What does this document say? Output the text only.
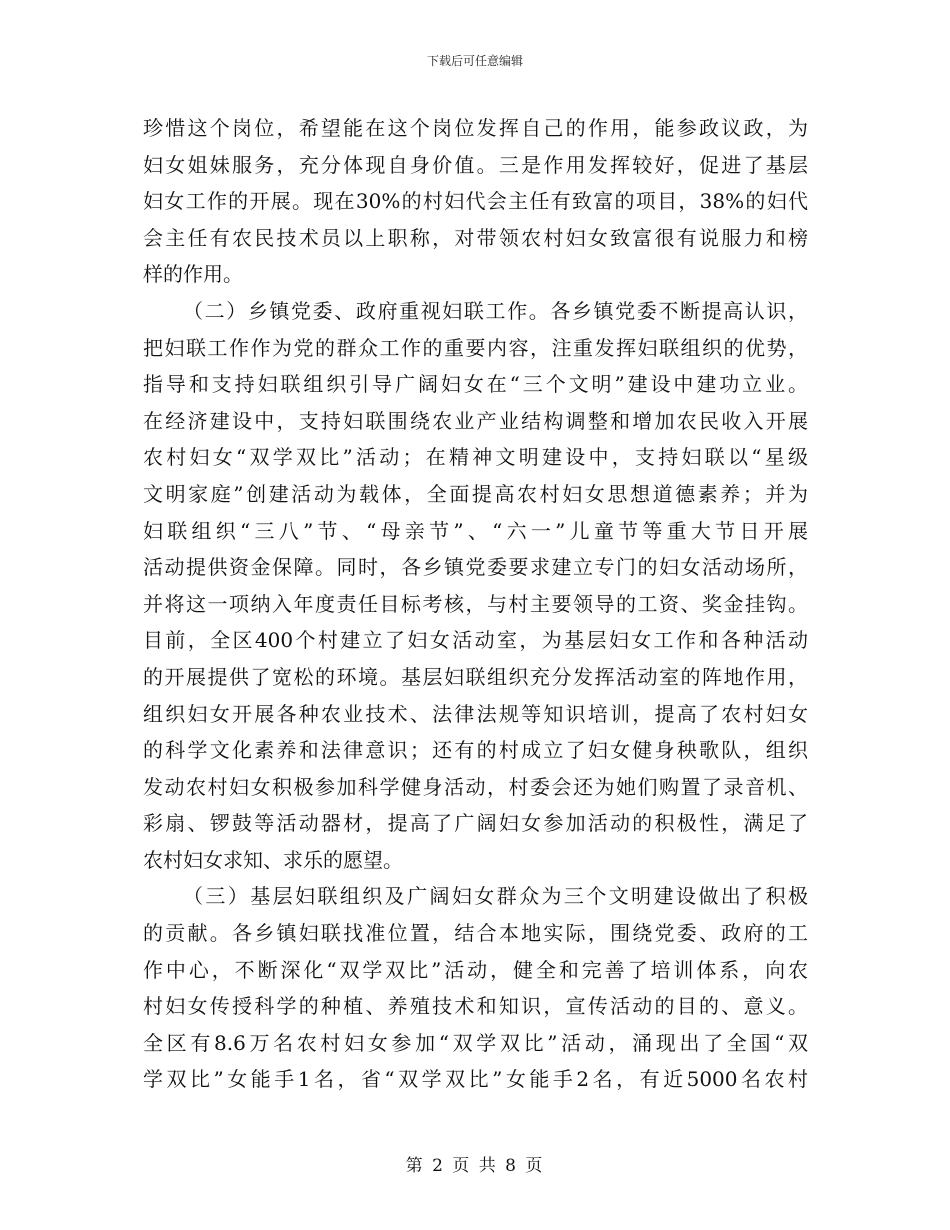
下载后可任意编辑
珍惜这个岗位，希望能在这个岗位发挥自己的作用，能参政议政，为
妇女姐妹服务，充分体现自身价值。三是作用发挥较好，促进了基层
妇女工作的开展。现在30%的村妇代会主任有致富的项目，38%的妇代
会主任有农民技术员以上职称，对带领农村妇女致富很有说服力和榜
样的作用。
（二）乡镇党委、政府重视妇联工作。各乡镇党委不断提高认识，
把妇联工作作为党的群众工作的重要内容，注重发挥妇联组织的优势，
指导和支持妇联组织引导广阔妇女在“三个文明”建设中建功立业。
在经济建设中，支持妇联围绕农业产业结构调整和增加农民收入开展
农村妇女“双学双比”活动；在精神文明建设中，支持妇联以“星级
文明家庭”创建活动为载体，全面提高农村妇女思想道德素养；并为
妇联组织“三八”节、“母亲节”、“六一”儿童节等重大节日开展
活动提供资金保障。同时，各乡镇党委要求建立专门的妇女活动场所，
并将这一项纳入年度责任目标考核，与村主要领导的工资、奖金挂钩。
目前，全区400个村建立了妇女活动室，为基层妇女工作和各种活动
的开展提供了宽松的环境。基层妇联组织充分发挥活动室的阵地作用，
组织妇女开展各种农业技术、法律法规等知识培训，提高了农村妇女
的科学文化素养和法律意识；还有的村成立了妇女健身秧歌队，组织
发动农村妇女积极参加科学健身活动，村委会还为她们购置了录音机、
彩扇、锣鼓等活动器材，提高了广阔妇女参加活动的积极性，满足了
农村妇女求知、求乐的愿望。
（三）基层妇联组织及广阔妇女群众为三个文明建设做出了积极
的贡献。各乡镇妇联找准位置，结合本地实际，围绕党委、政府的工
作中心，不断深化“双学双比”活动，健全和完善了培训体系，向农
村妇女传授科学的种植、养殖技术和知识，宣传活动的目的、意义。
全区有8.6万名农村妇女参加“双学双比”活动，涌现出了全国“双
学双比”女能手1名，省“双学双比”女能手2名，有近5000名农村
第 2 页 共 8 页
